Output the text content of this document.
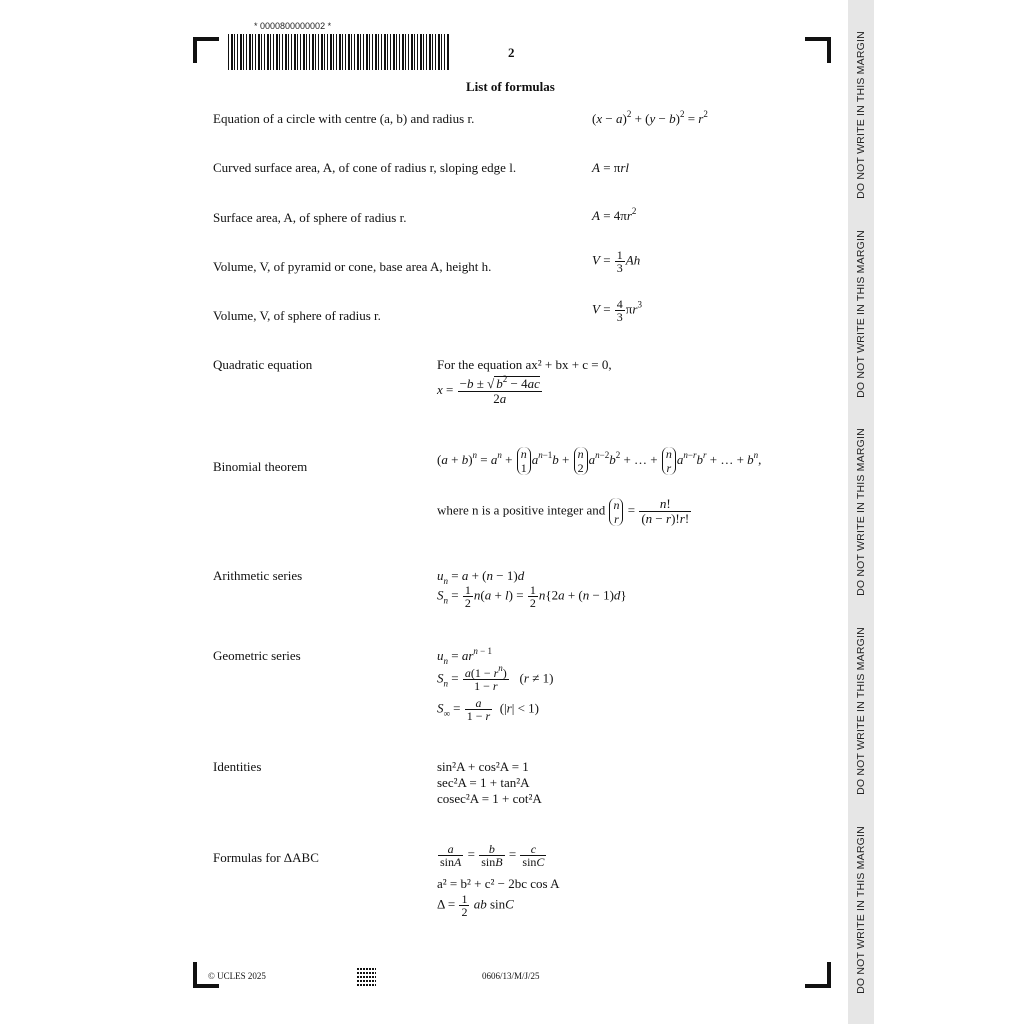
DO NOT WRITE IN THIS MARGIN
DO NOT WRITE IN THIS MARGIN
DO NOT WRITE IN THIS MARGIN
DO NOT WRITE IN THIS MARGIN
DO NOT WRITE IN THIS MARGIN
* 0000800000002 *
2
List of formulas
Equation of a circle with centre (a, b) and radius r.	$(x - a)^2 + (y - b)^2 = r^2$
Curved surface area, A, of cone of radius r, sloping edge l.	A = πrl
Surface area, A, of sphere of radius r.	$A = 4\pi r^2$
Volume, V, of pyramid or cone, base area A, height h.	$V = \frac{1}{3}$ Ah
Volume, V, of sphere of radius r.	$V = \frac{4}{3} \pi r^3$
Quadratic equation	For the equation ax² + bx + c = 0,
$x = \frac{-b \pm √ b^2 - 4ac}{2a}$
Binomial theorem	$(a + b)^n = a^n + n$
1
$a^{n-1}b + n$
2
$a^{n-2}b^2$ + … + n
r
$a^{n-r}b^r$ + … + $b^n$,
where n is a positive integer and n
r
= $\frac{n!}{(n - r)!r!}$
Arithmetic series	$u_n = a + (n - 1)d$
$S_n = \frac{1}{2} n(a + l) = \frac{1}{2} n\{2a + (n - 1)d\}$
Geometric series	$u_n = ar^{n - 1}$
$S_n = \frac{a(1 - r^n)}{1 - r} (r \ne 1)$
$S_\infty = \frac{a}{1 - r} (|r| < 1)$
Identities	sin²A + cos²A = 1
sec²A = 1 + tan²A
cosec²A = 1 + cot²A
Formulas for ΔABC	$\frac{a}{\sin A} = \frac{b}{\sin B} = \frac{c}{\sin C}$
a² = b² + c² − 2bc cos A
$\Delta = \frac{1}{2}$ ab sinC
© UCLES 2025	0606/13/M/J/25
